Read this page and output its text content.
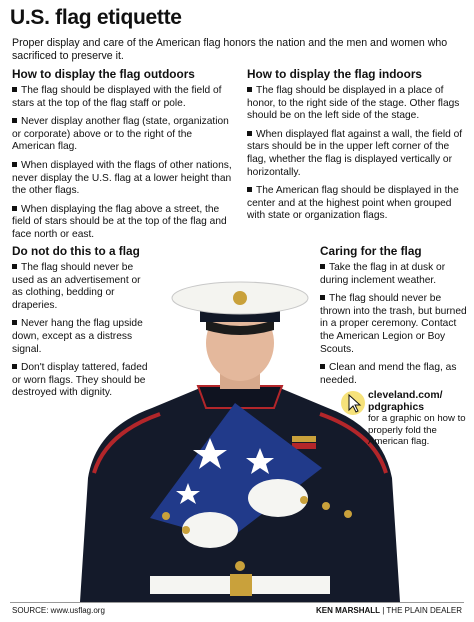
U.S. flag etiquette
Proper display and care of the American flag honors the nation and the men and women who sacrificed to preserve it.
How to display the flag outdoors

The flag should be displayed with the field of stars at the top of the flag staff or pole.

Never display another flag (state, organization or corporate) above or to the right of the American flag.

When displayed with the flags of other nations, never display the U.S. flag at a lower height than the other flags.

When displaying the flag above a street, the field of stars should be at the top of the flag and face north or east.

How to display the flag indoors

The flag should be displayed in a place of honor, to the right side of the stage. Other flags should be on the left side of the stage.

When displayed flat against a wall, the field of stars should be in the upper left corner of the flag, whether the flag is displayed vertically or horizontally.

The American flag should be displayed in the center and at the highest point when grouped with state or organization flags.

Do not do this to a flag

The flag should never be used as an advertisement or as clothing, bedding or draperies.

Never hang the flag upside down, except as a distress signal.

Don't display tattered, faded or worn flags. They should be destroyed with dignity.

Caring for the flag

Take the flag in at dusk or during inclement weather.

The flag should never be thrown into the trash, but burned in a proper ceremony. Contact the American Legion or Boy Scouts.

Clean and mend the flag, as needed.

cleveland.com/ pdgraphics
for a graphic on how to properly fold the American flag.
SOURCE: www.usflag.org	KEN MARSHALL | THE PLAIN DEALER
